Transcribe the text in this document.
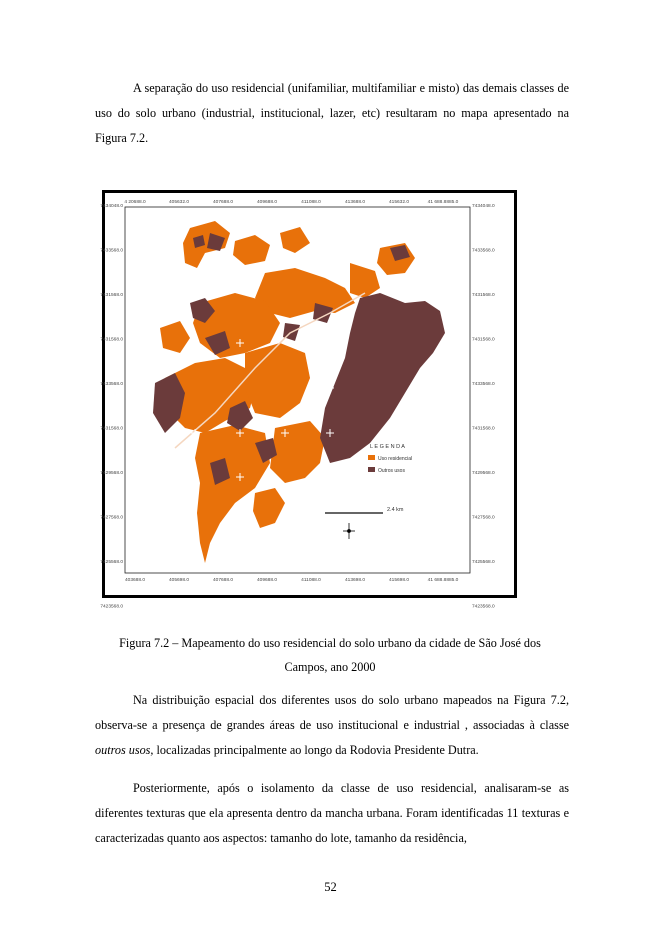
A separação do uso residencial (unifamiliar, multifamiliar e misto) das demais classes de uso do solo urbano (industrial, institucional, lazer, etc) resultaram no mapa apresentado na Figura 7.2.

4 20688.0	405632.0	407688.0	409688.0	411088.0	413688.0	415632.0	41 688.8885.0
403688.0	405698.0	407688.0	409688.0	411088.0	413698.0	415698.0	41 688.8885.0
7434048.0
7433568.0
7431568.0
7431568.0
7433568.0
7431568.0
7429568.0
7427568.0
7425568.0
7423568.0
7434048.0
7433568.0
7431568.0
7431568.0
7433568.0
7431568.0
7429568.0
7427568.0
7425568.0
7423568.0
L E G E N D A
Uso residencial
Outros usos
2.4 km
Figura 7.2 – Mapeamento do uso residencial do solo urbano da cidade de São José dos
Campos, ano 2000

Na distribuição espacial dos diferentes usos do solo urbano mapeados na Figura 7.2, observa-se a presença de grandes áreas de uso institucional e industrial , associadas à classe outros usos, localizadas principalmente ao longo da Rodovia Presidente Dutra.

Posteriormente, após o isolamento da classe de uso residencial, analisaram-se as diferentes texturas que ela apresenta dentro da mancha urbana. Foram identificadas 11 texturas e caracterizadas quanto aos aspectos: tamanho do lote, tamanho da residência,

52
